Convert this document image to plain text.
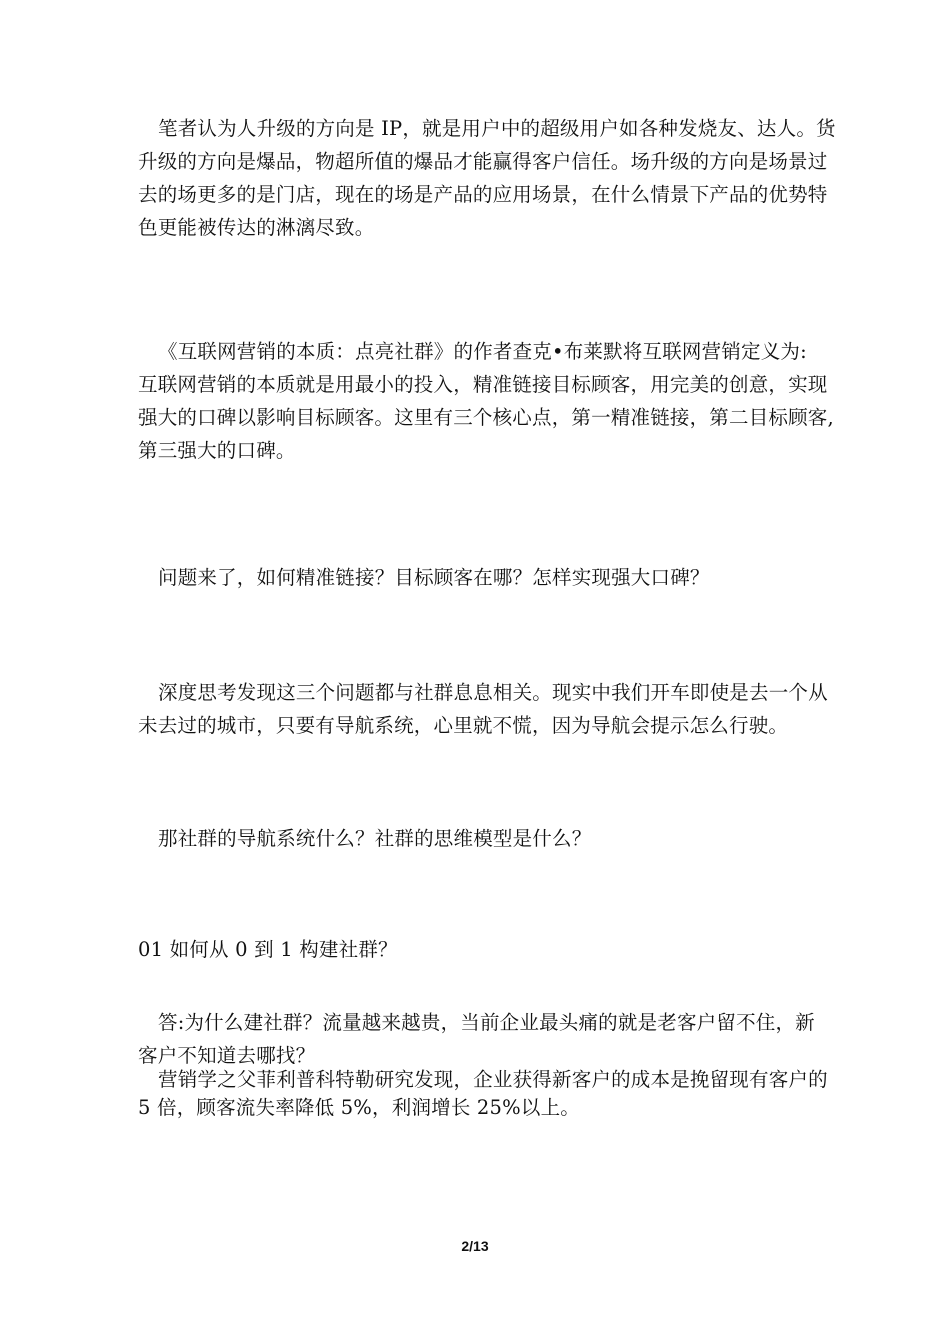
笔者认为人升级的方向是 IP，就是用户中的超级用户如各种发烧友、达人。货
升级的方向是爆品，物超所值的爆品才能赢得客户信任。场升级的方向是场景过
去的场更多的是门店，现在的场是产品的应用场景，在什么情景下产品的优势特
色更能被传达的淋漓尽致。
《互联网营销的本质：点亮社群》的作者查克•布莱默将互联网营销定义为:
互联网营销的本质就是用最小的投入，精准链接目标顾客，用完美的创意，实现
强大的口碑以影响目标顾客。这里有三个核心点，第一精准链接，第二目标顾客,
第三强大的口碑。
问题来了，如何精准链接？目标顾客在哪？怎样实现强大口碑？
深度思考发现这三个问题都与社群息息相关。现实中我们开车即使是去一个从
未去过的城市，只要有导航系统，心里就不慌，因为导航会提示怎么行驶。
那社群的导航系统什么？社群的思维模型是什么？
01 如何从 0 到 1 构建社群？
答:为什么建社群？流量越来越贵，当前企业最头痛的就是老客户留不住，新
客户不知道去哪找？
营销学之父菲利普科特勒研究发现，企业获得新客户的成本是挽留现有客户的
5 倍，顾客流失率降低 5%，利润增长 25%以上。
2/13
